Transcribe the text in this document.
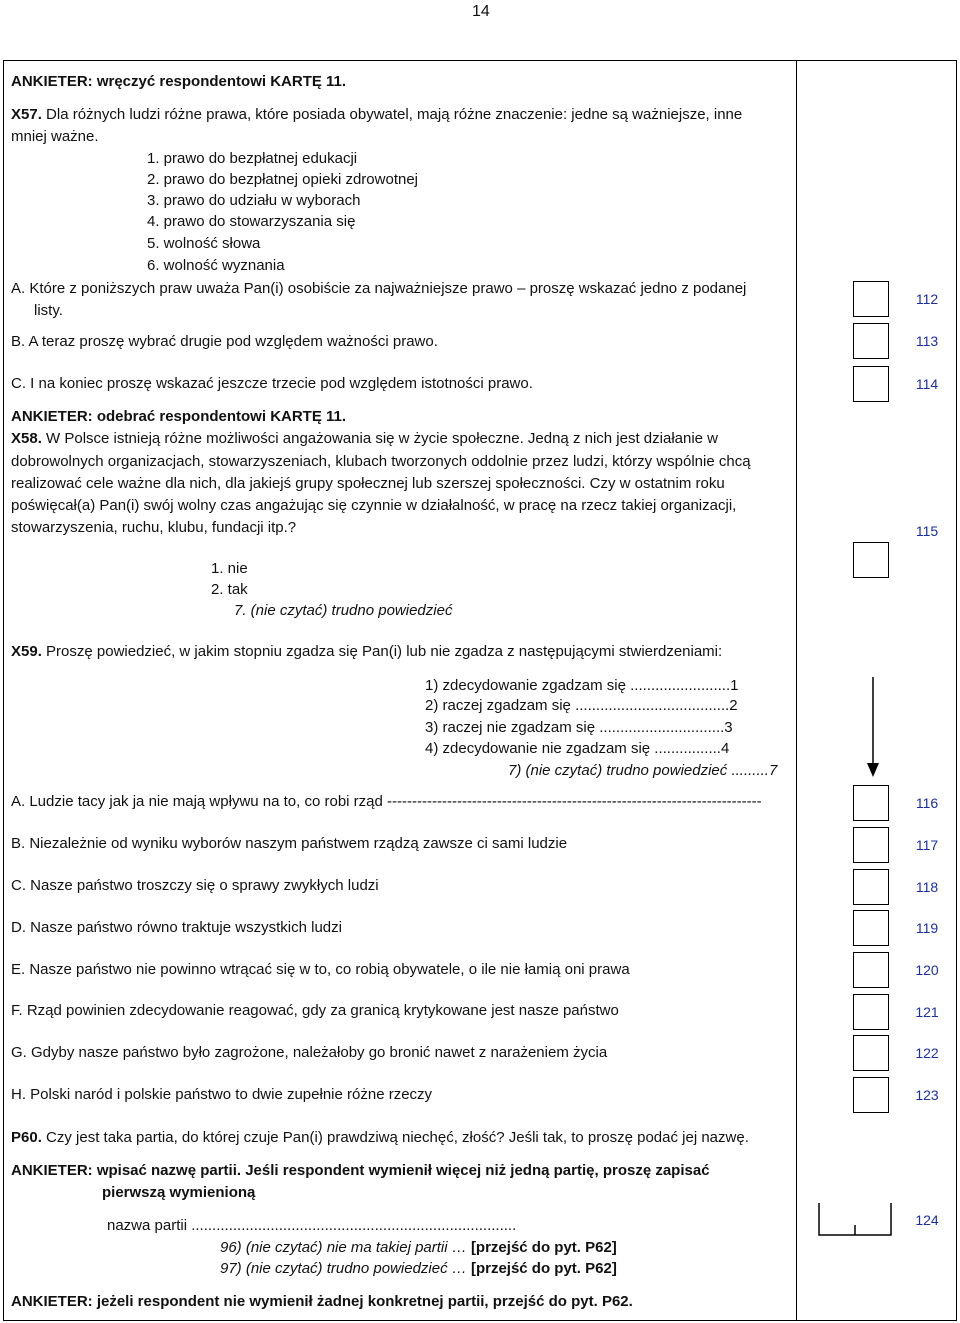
14
ANKIETER: wręczyć respondentowi KARTĘ 11.
X57. Dla różnych ludzi różne prawa, które posiada obywatel, mają różne znaczenie: jedne są ważniejsze, inne
mniej ważne.
1. prawo do bezpłatnej edukacji
2. prawo do bezpłatnej opieki zdrowotnej
3. prawo do udziału w wyborach
4. prawo do stowarzyszania się
5. wolność słowa
6. wolność wyznania
A. Które z poniższych praw uważa Pan(i) osobiście za najważniejsze prawo – proszę wskazać jedno z podanej
listy.
112
B. A teraz proszę wybrać drugie pod względem ważności prawo.	113
C. I na koniec proszę wskazać jeszcze trzecie pod względem istotności prawo.	114
ANKIETER: odebrać respondentowi KARTĘ 11.
X58. W Polsce istnieją różne możliwości angażowania się w życie społeczne. Jedną z nich jest działanie w
dobrowolnych organizacjach, stowarzyszeniach, klubach tworzonych oddolnie przez ludzi, którzy wspólnie chcą
realizować cele ważne dla nich, dla jakiejś grupy społecznej lub szerszej społeczności. Czy w ostatnim roku
poświęcał(a) Pan(i) swój wolny czas angażując się czynnie w działalność, w pracę na rzecz takiej organizacji,
stowarzyszenia, ruchu, klubu, fundacji itp.?	115
1. nie
2. tak
7. (nie czytać) trudno powiedzieć
X59. Proszę powiedzieć, w jakim stopniu zgadza się Pan(i) lub nie zgadza z następującymi stwierdzeniami:
1) zdecydowanie zgadzam się ........................1
2) raczej zgadzam się .....................................2
3) raczej nie zgadzam się ..............................3
4) zdecydowanie nie zgadzam się ................4
7) (nie czytać) trudno powiedzieć .........7
A. Ludzie tacy jak ja nie mają wpływu na to, co robi rząd ---------------------------------------------------------------------------	116
B. Niezależnie od wyniku wyborów naszym państwem rządzą zawsze ci sami ludzie	117
C. Nasze państwo troszczy się o sprawy zwykłych ludzi	118
D. Nasze państwo równo traktuje wszystkich ludzi	119
E. Nasze państwo nie powinno wtrącać się w to, co robią obywatele, o ile nie łamią oni prawa	120
F. Rząd powinien zdecydowanie reagować, gdy za granicą krytykowane jest nasze państwo	121
G. Gdyby nasze państwo było zagrożone, należałoby go bronić nawet z narażeniem życia	122
H. Polski naród i polskie państwo to dwie zupełnie różne rzeczy	123
P60. Czy jest taka partia, do której czuje Pan(i) prawdziwą niechęć, złość? Jeśli tak, to proszę podać jej nazwę.
ANKIETER: wpisać nazwę partii. Jeśli respondent wymienił więcej niż jedną partię, proszę zapisać
pierwszą wymienioną
nazwa partii ..............................................................................	124
96) (nie czytać) nie ma takiej partii … [przejść do pyt. P62]
97) (nie czytać) trudno powiedzieć … [przejść do pyt. P62]
ANKIETER: jeżeli respondent nie wymienił żadnej konkretnej partii, przejść do pyt. P62.
